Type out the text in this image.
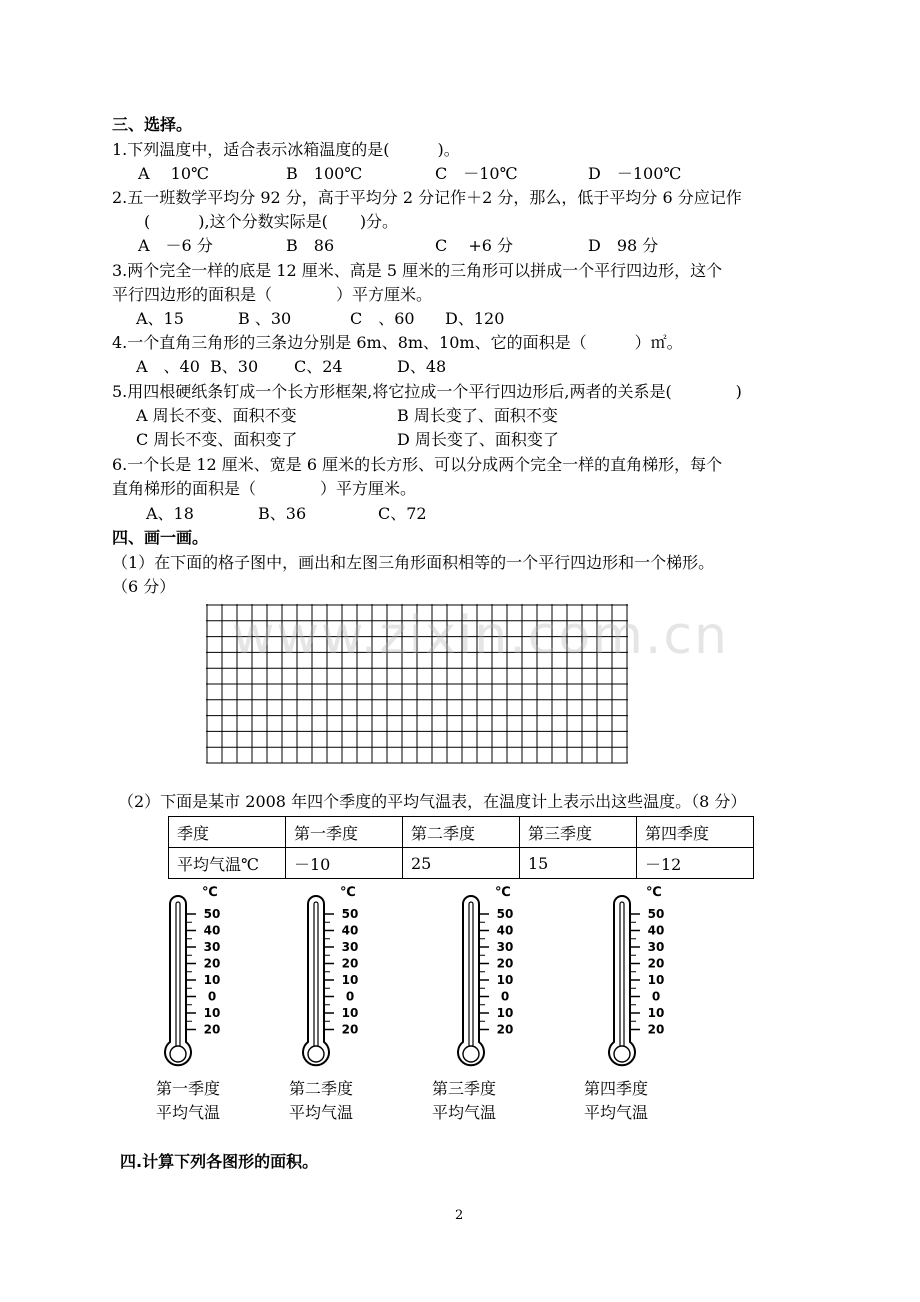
三、选择。
1.下列温度中，适合表示冰箱温度的是(　　　)。
A　 10℃	B　100℃	C　－10℃	D　－100℃
2.五一班数学平均分 92 分，高于平均分 2 分记作＋2 分，那么，低于平均分 6 分应记作
(　　　),这个分数实际是(　　)分。
A　－6 分	B　86	C　 +6 分	D　98 分
3.两个完全一样的底是 12 厘米、高是 5 厘米的三角形可以拼成一个平行四边形，这个
平行四边形的面积是（　　　　）平方厘米。
A、15	B 、30	C　、60 D、120
4.一个直角三角形的三条边分别是 6m、8m、10m、它的面积是（　　　）㎡。
A　、40 B、30 C、24	D、48
5.用四根硬纸条钉成一个长方形框架,将它拉成一个平行四边形后,两者的关系是(　　　　)
A 周长不变、面积不变	B 周长变了、面积不变
C 周长不变、面积变了	D 周长变了、面积变了
6.一个长是 12 厘米、宽是 6 厘米的长方形、可以分成两个完全一样的直角梯形，每个
直角梯形的面积是（　　　　）平方厘米。
A、18	B、36	C、72
四、画一画。
（1）在下面的格子图中，画出和左图三角形面积相等的一个平行四边形和一个梯形。
（6 分）
www.zixin.com.cn
（2）下面是某市 2008 年四个季度的平均气温表，在温度计上表示出这些温度。（8 分）
季度	第一季度	第二季度	第三季度	第四季度
平均气温℃	－10	25	15	－12
℃
50
40
30
20
10
0
10
20
℃
50
40
30
20
10
0
10
20
℃
50
40
30
20
10
0
10
20
℃
50
40
30
20
10
0
10
20
第一季度
平均气温
第二季度
平均气温
第三季度
平均气温
第四季度
平均气温
四.计算下列各图形的面积。
2
